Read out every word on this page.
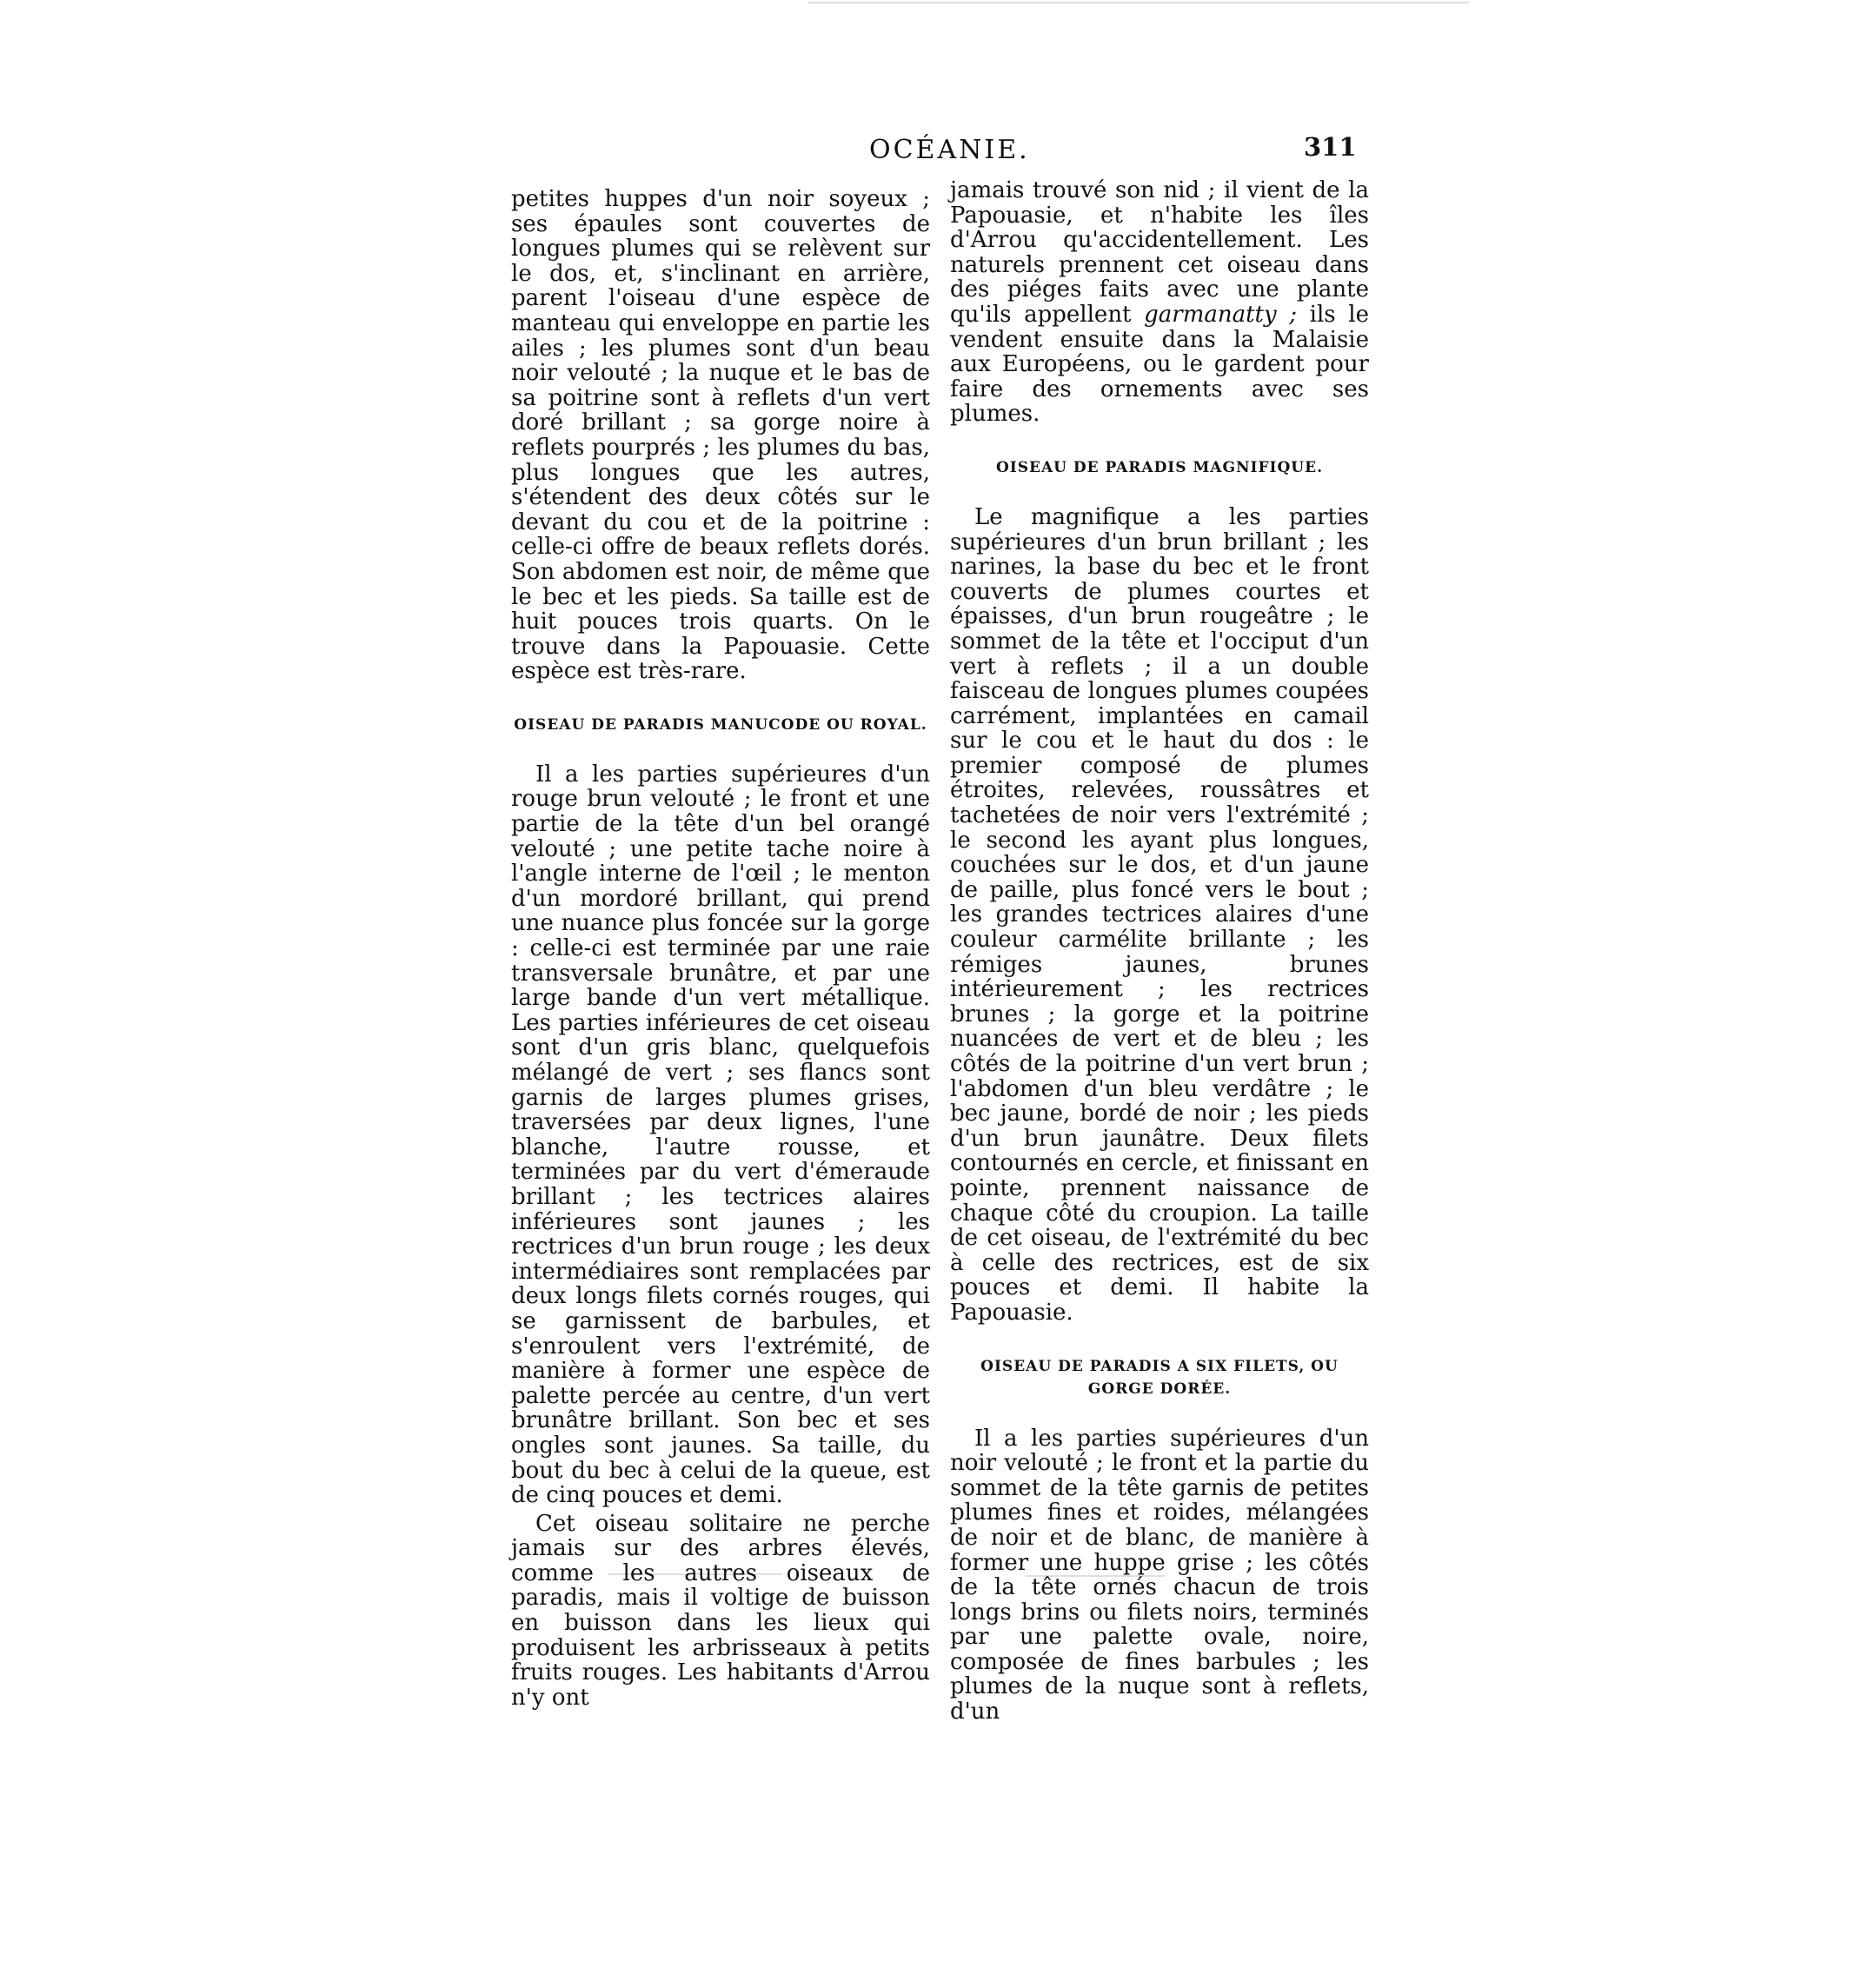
OCÉANIE.	311

petites huppes d'un noir soyeux ; ses épaules sont couvertes de longues plumes qui se relèvent sur le dos, et, s'inclinant en arrière, parent l'oiseau d'une espèce de manteau qui enveloppe en partie les ailes ; les plumes sont d'un beau noir velouté ; la nuque et le bas de sa poitrine sont à reflets d'un vert doré brillant ; sa gorge noire à reflets pourprés ; les plumes du bas, plus longues que les autres, s'étendent des deux côtés sur le devant du cou et de la poitrine : celle-ci offre de beaux reflets dorés. Son abdomen est noir, de même que le bec et les pieds. Sa taille est de huit pouces trois quarts. On le trouve dans la Papouasie. Cette espèce est très-rare.

OISEAU DE PARADIS MANUCODE OU ROYAL.

Il a les parties supérieures d'un rouge brun velouté ; le front et une partie de la tête d'un bel orangé velouté ; une petite tache noire à l'angle interne de l'œil ; le menton d'un mordoré brillant, qui prend une nuance plus foncée sur la gorge : celle-ci est terminée par une raie transversale brunâtre, et par une large bande d'un vert métallique. Les parties inférieures de cet oiseau sont d'un gris blanc, quelquefois mélangé de vert ; ses flancs sont garnis de larges plumes grises, traversées par deux lignes, l'une blanche, l'autre rousse, et terminées par du vert d'émeraude brillant ; les tectrices alaires inférieures sont jaunes ; les rectrices d'un brun rouge ; les deux intermédiaires sont remplacées par deux longs filets cornés rouges, qui se garnissent de barbules, et s'enroulent vers l'extrémité, de manière à former une espèce de palette percée au centre, d'un vert brunâtre brillant. Son bec et ses ongles sont jaunes. Sa taille, du bout du bec à celui de la queue, est de cinq pouces et demi.

Cet oiseau solitaire ne perche jamais sur des arbres élevés, comme les autres oiseaux de paradis, mais il voltige de buisson en buisson dans les lieux qui produisent les arbrisseaux à petits fruits rouges. Les habitants d'Arrou n'y ont

jamais trouvé son nid ; il vient de la Papouasie, et n'habite les îles d'Arrou qu'accidentellement. Les naturels prennent cet oiseau dans des piéges faits avec une plante qu'ils appellent garmanatty ; ils le vendent ensuite dans la Malaisie aux Européens, ou le gardent pour faire des ornements avec ses plumes.

OISEAU DE PARADIS MAGNIFIQUE.

Le magnifique a les parties supérieures d'un brun brillant ; les narines, la base du bec et le front couverts de plumes courtes et épaisses, d'un brun rougeâtre ; le sommet de la tête et l'occiput d'un vert à reflets ; il a un double faisceau de longues plumes coupées carrément, implantées en camail sur le cou et le haut du dos : le premier composé de plumes étroites, relevées, roussâtres et tachetées de noir vers l'extrémité ; le second les ayant plus longues, couchées sur le dos, et d'un jaune de paille, plus foncé vers le bout ; les grandes tectrices alaires d'une couleur carmélite brillante ; les rémiges jaunes, brunes intérieurement ; les rectrices brunes ; la gorge et la poitrine nuancées de vert et de bleu ; les côtés de la poitrine d'un vert brun ; l'abdomen d'un bleu verdâtre ; le bec jaune, bordé de noir ; les pieds d'un brun jaunâtre. Deux filets contournés en cercle, et finissant en pointe, prennent naissance de chaque côté du croupion. La taille de cet oiseau, de l'extrémité du bec à celle des rectrices, est de six pouces et demi. Il habite la Papouasie.

OISEAU DE PARADIS A SIX FILETS, OU GORGE DORÉE.

Il a les parties supérieures d'un noir velouté ; le front et la partie du sommet de la tête garnis de petites plumes fines et roides, mélangées de noir et de blanc, de manière à former une huppe grise ; les côtés de la tête ornés chacun de trois longs brins ou filets noirs, terminés par une palette ovale, noire, composée de fines barbules ; les plumes de la nuque sont à reflets, d'un
